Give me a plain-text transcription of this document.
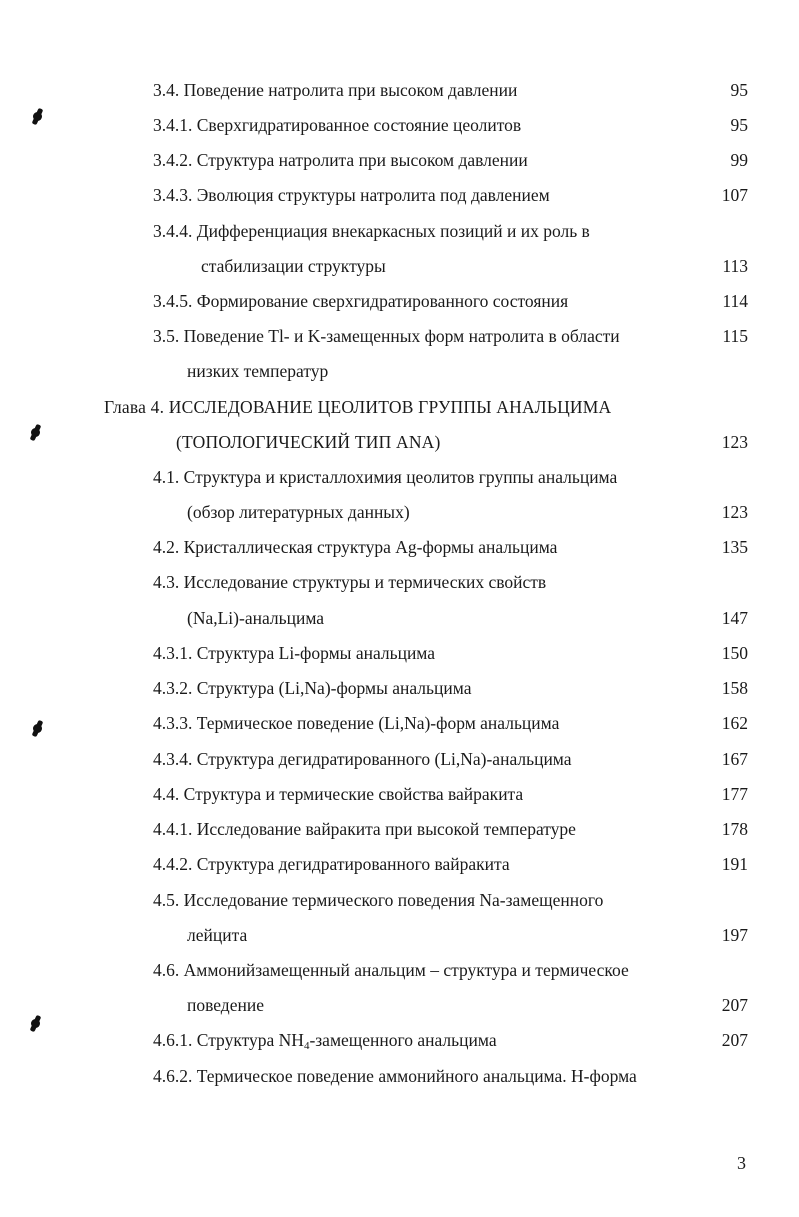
3.4. Поведение натролита при высоком давлении	95
3.4.1. Сверхгидратированное состояние цеолитов	95
3.4.2. Структура натролита при высоком давлении	99
3.4.3. Эволюция структуры натролита под давлением	107
3.4.4. Дифференциация внекаркасных позиций и их роль в
стабилизации структуры	113
3.4.5. Формирование сверхгидратированного состояния	114
3.5. Поведение Tl- и K-замещенных форм натролита в области	115
низких температур
Глава 4. ИССЛЕДОВАНИЕ ЦЕОЛИТОВ ГРУППЫ АНАЛЬЦИМА
(ТОПОЛОГИЧЕСКИЙ ТИП ANA)	123
4.1. Структура и кристаллохимия цеолитов группы анальцима
(обзор литературных данных)	123
4.2. Кристаллическая структура Ag-формы анальцима	135
4.3. Исследование структуры и термических свойств
(Na,Li)-анальцима	147
4.3.1. Структура Li-формы анальцима	150
4.3.2. Структура (Li,Na)-формы анальцима	158
4.3.3. Термическое поведение (Li,Na)-форм анальцима	162
4.3.4. Структура дегидратированного (Li,Na)-анальцима	167
4.4. Структура и термические свойства вайракита	177
4.4.1. Исследование вайракита при высокой температуре	178
4.4.2. Структура дегидратированного вайракита	191
4.5. Исследование термического поведения Na-замещенного
лейцита	197
4.6. Аммонийзамещенный анальцим – структура и термическое
поведение	207
4.6.1. Структура $NH_4$-замещенного анальцима	207
4.6.2. Термическое поведение аммонийного анальцима. H-форма
3
